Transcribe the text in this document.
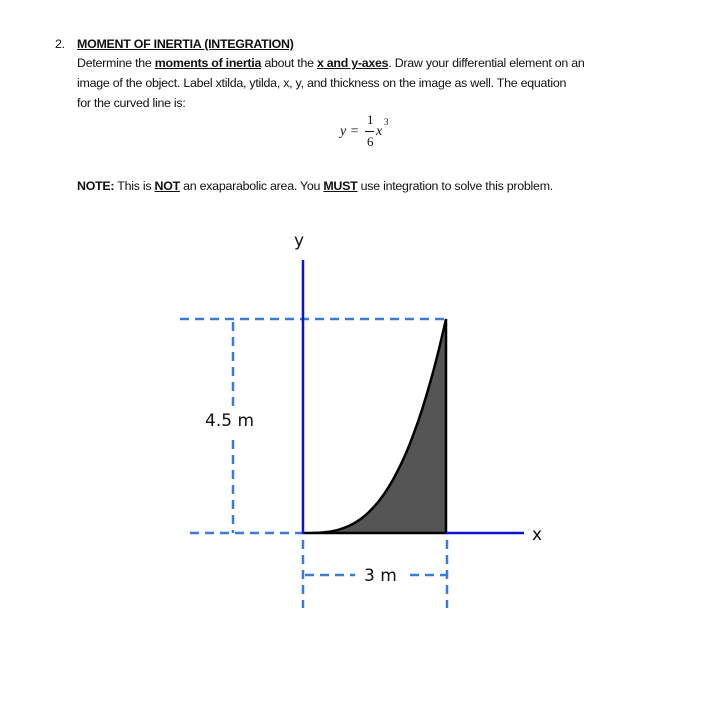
2. MOMENT OF INERTIA (INTEGRATION)
Determine the moments of inertia about the x and y-axes. Draw your differential element on an
image of the object. Label xtilda, ytilda, x, y, and thickness on the image as well. The equation
for the curved line is:
y =
1
6
x
3
NOTE: This is NOT an exaparabolic area. You MUST use integration to solve this problem.
y
x
4.5 m
3 m
